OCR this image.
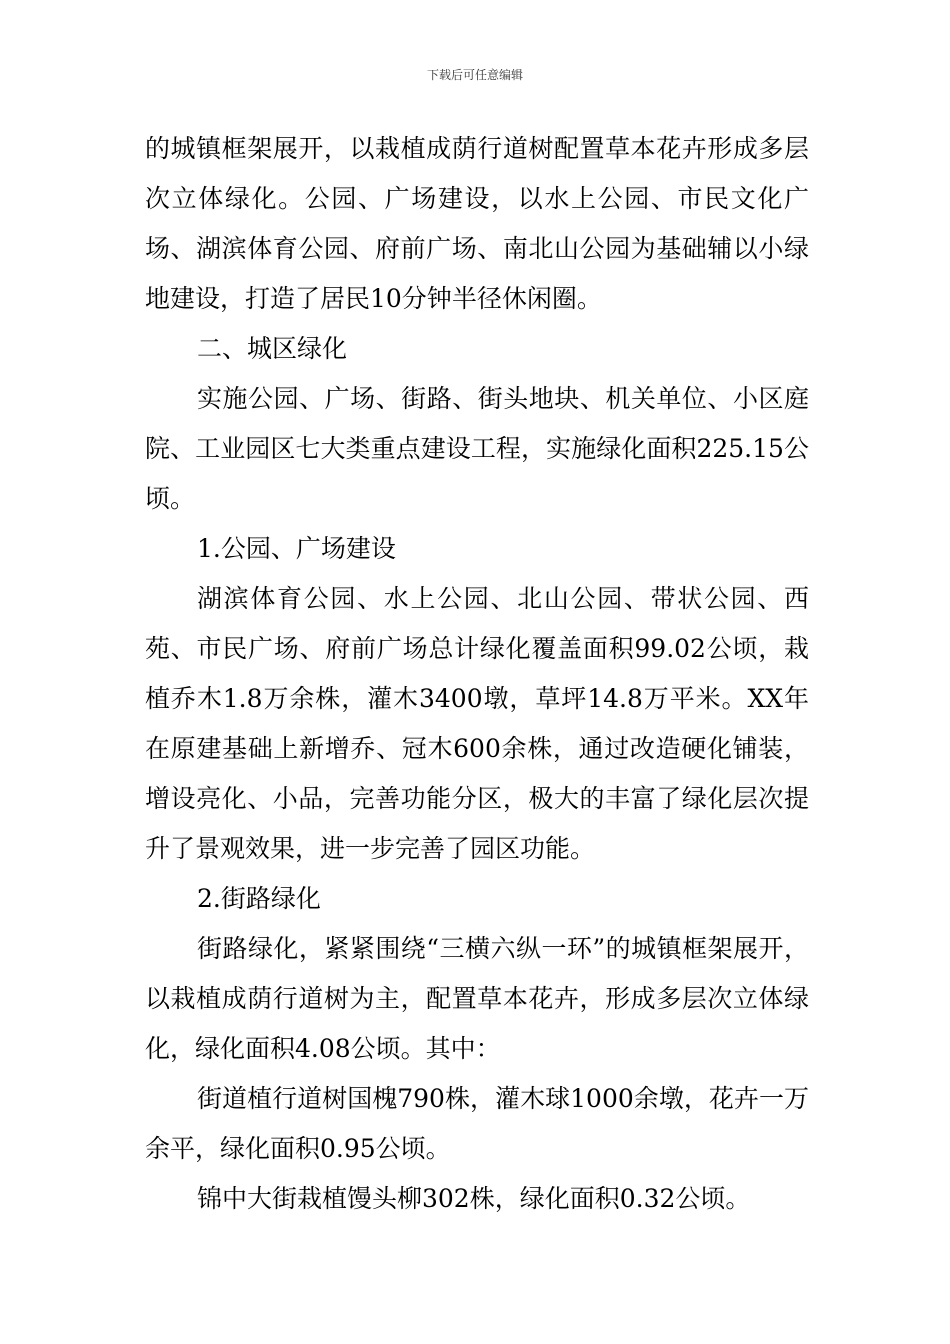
下载后可任意编辑

的城镇框架展开，以栽植成荫行道树配置草本花卉形成多层次立体绿化。公园、广场建设，以水上公园、市民文化广场、湖滨体育公园、府前广场、南北山公园为基础辅以小绿地建设，打造了居民10分钟半径休闲圈。

二、城区绿化

实施公园、广场、街路、街头地块、机关单位、小区庭院、工业园区七大类重点建设工程，实施绿化面积225.15公顷。

1.公园、广场建设

湖滨体育公园、水上公园、北山公园、带状公园、西苑、市民广场、府前广场总计绿化覆盖面积99.02公顷，栽植乔木1.8万余株，灌木3400墩，草坪14.8万平米。XX年在原建基础上新增乔、冠木600余株，通过改造硬化铺装，增设亮化、小品，完善功能分区，极大的丰富了绿化层次提升了景观效果，进一步完善了园区功能。

2.街路绿化

街路绿化，紧紧围绕“三横六纵一环”的城镇框架展开，以栽植成荫行道树为主，配置草本花卉，形成多层次立体绿化，绿化面积4.08公顷。其中：

街道植行道树国槐790株，灌木球1000余墩，花卉一万余平，绿化面积0.95公顷。

锦中大街栽植馒头柳302株，绿化面积0.32公顷。
